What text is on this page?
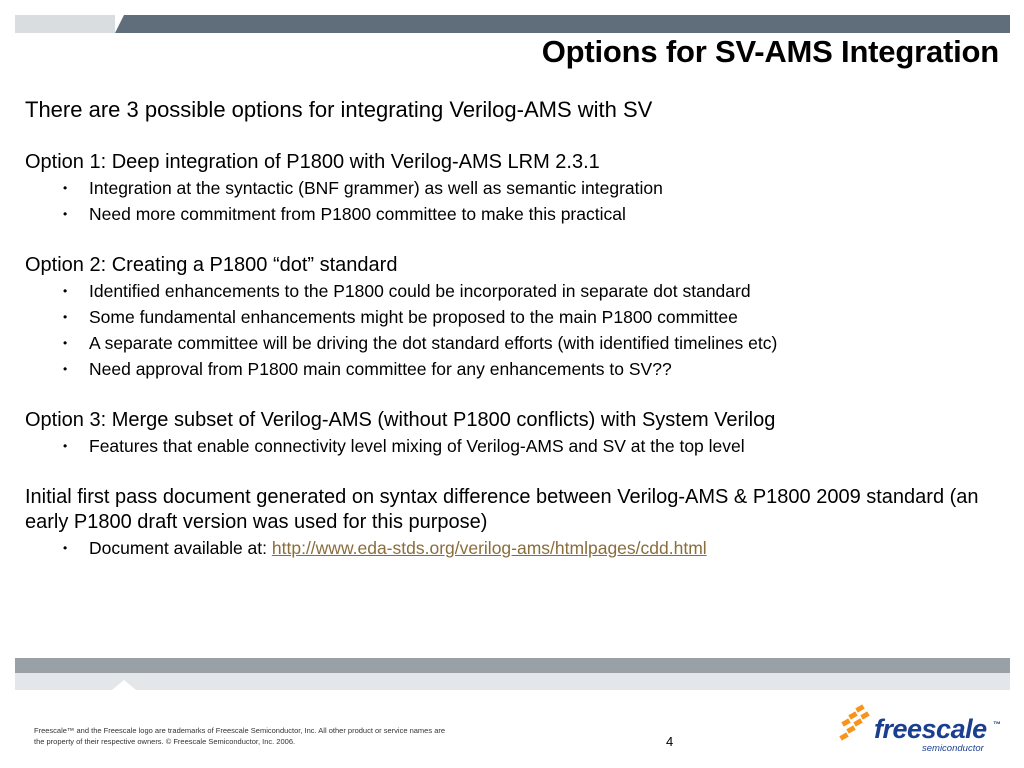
Options for SV-AMS Integration

There are 3 possible options for integrating Verilog-AMS with SV

Option 1: Deep integration of P1800 with Verilog-AMS LRM 2.3.1

• Integration at the syntactic (BNF grammer) as well as semantic integration
• Need more commitment from P1800 committee to make this practical

Option 2: Creating a P1800 “dot” standard

• Identified enhancements to the P1800 could be incorporated in separate dot standard
• Some fundamental enhancements might be proposed to the main P1800 committee
• A separate committee will be driving the dot standard efforts (with identified timelines etc)
• Need approval from P1800 main committee for any enhancements to SV??

Option 3: Merge subset of Verilog-AMS (without P1800 conflicts) with System Verilog

• Features that enable connectivity level mixing of Verilog-AMS and SV at the top level

Initial first pass document generated on syntax difference between Verilog-AMS & P1800 2009 standard (an early P1800 draft version was used for this purpose)

• Document available at: http://www.eda-stds.org/verilog-ams/htmlpages/cdd.html
Freescale™ and the Freescale logo are trademarks of Freescale Semiconductor, Inc. All other product or service names are
the property of their respective owners. © Freescale Semiconductor, Inc. 2006.	4	freescale ™
semiconductor
